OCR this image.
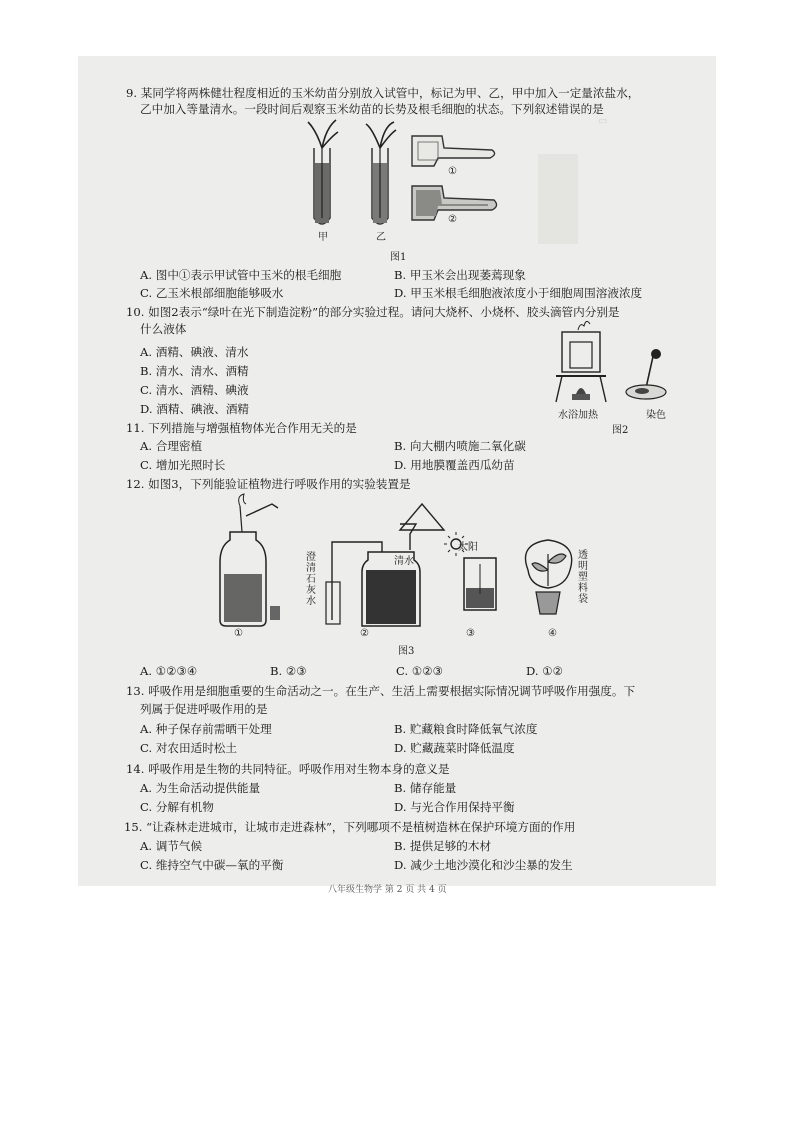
▭
9. 某同学将两株健壮程度相近的玉米幼苗分别放入试管中，标记为甲、乙，甲中加入一定量浓盐水，
乙中加入等量清水。一段时间后观察玉米幼苗的长势及根毛细胞的状态。下列叙述错误的是
甲	乙
①
②
图1
A. 图中①表示甲试管中玉米的根毛细胞	B. 甲玉米会出现萎蔫现象
C. 乙玉米根部细胞能够吸水	D. 甲玉米根毛细胞液浓度小于细胞周围溶液浓度
10. 如图2表示“绿叶在光下制造淀粉”的部分实验过程。请问大烧杯、小烧杯、胶头滴管内分别是
什么液体
A. 酒精、碘液、清水
B. 清水、清水、酒精
C. 清水、酒精、碘液
D. 酒精、碘液、酒精	水浴加热	染色
图2
11. 下列措施与增强植物体光合作用无关的是
A. 合理密植	B. 向大棚内喷施二氧化碳
C. 增加光照时长	D. 用地膜覆盖西瓜幼苗
12. 如图3，下列能验证植物进行呼吸作用的实验装置是
澄
清
石
灰
水
清水
太阳
透
明
塑
料
袋
①	②	③	④
图3
A. ①②③④	B. ②③	C. ①②③	D. ①②
13. 呼吸作用是细胞重要的生命活动之一。在生产、生活上需要根据实际情况调节呼吸作用强度。下
列属于促进呼吸作用的是
A. 种子保存前需晒干处理	B. 贮藏粮食时降低氧气浓度
C. 对农田适时松土	D. 贮藏蔬菜时降低温度
14. 呼吸作用是生物的共同特征。呼吸作用对生物本身的意义是
A. 为生命活动提供能量	B. 储存能量
C. 分解有机物	D. 与光合作用保持平衡
15. “让森林走进城市，让城市走进森林”，下列哪项不是植树造林在保护环境方面的作用
A. 调节气候	B. 提供足够的木材
C. 维持空气中碳—氧的平衡	D. 减少土地沙漠化和沙尘暴的发生
八年级生物学 第 2 页 共 4 页
